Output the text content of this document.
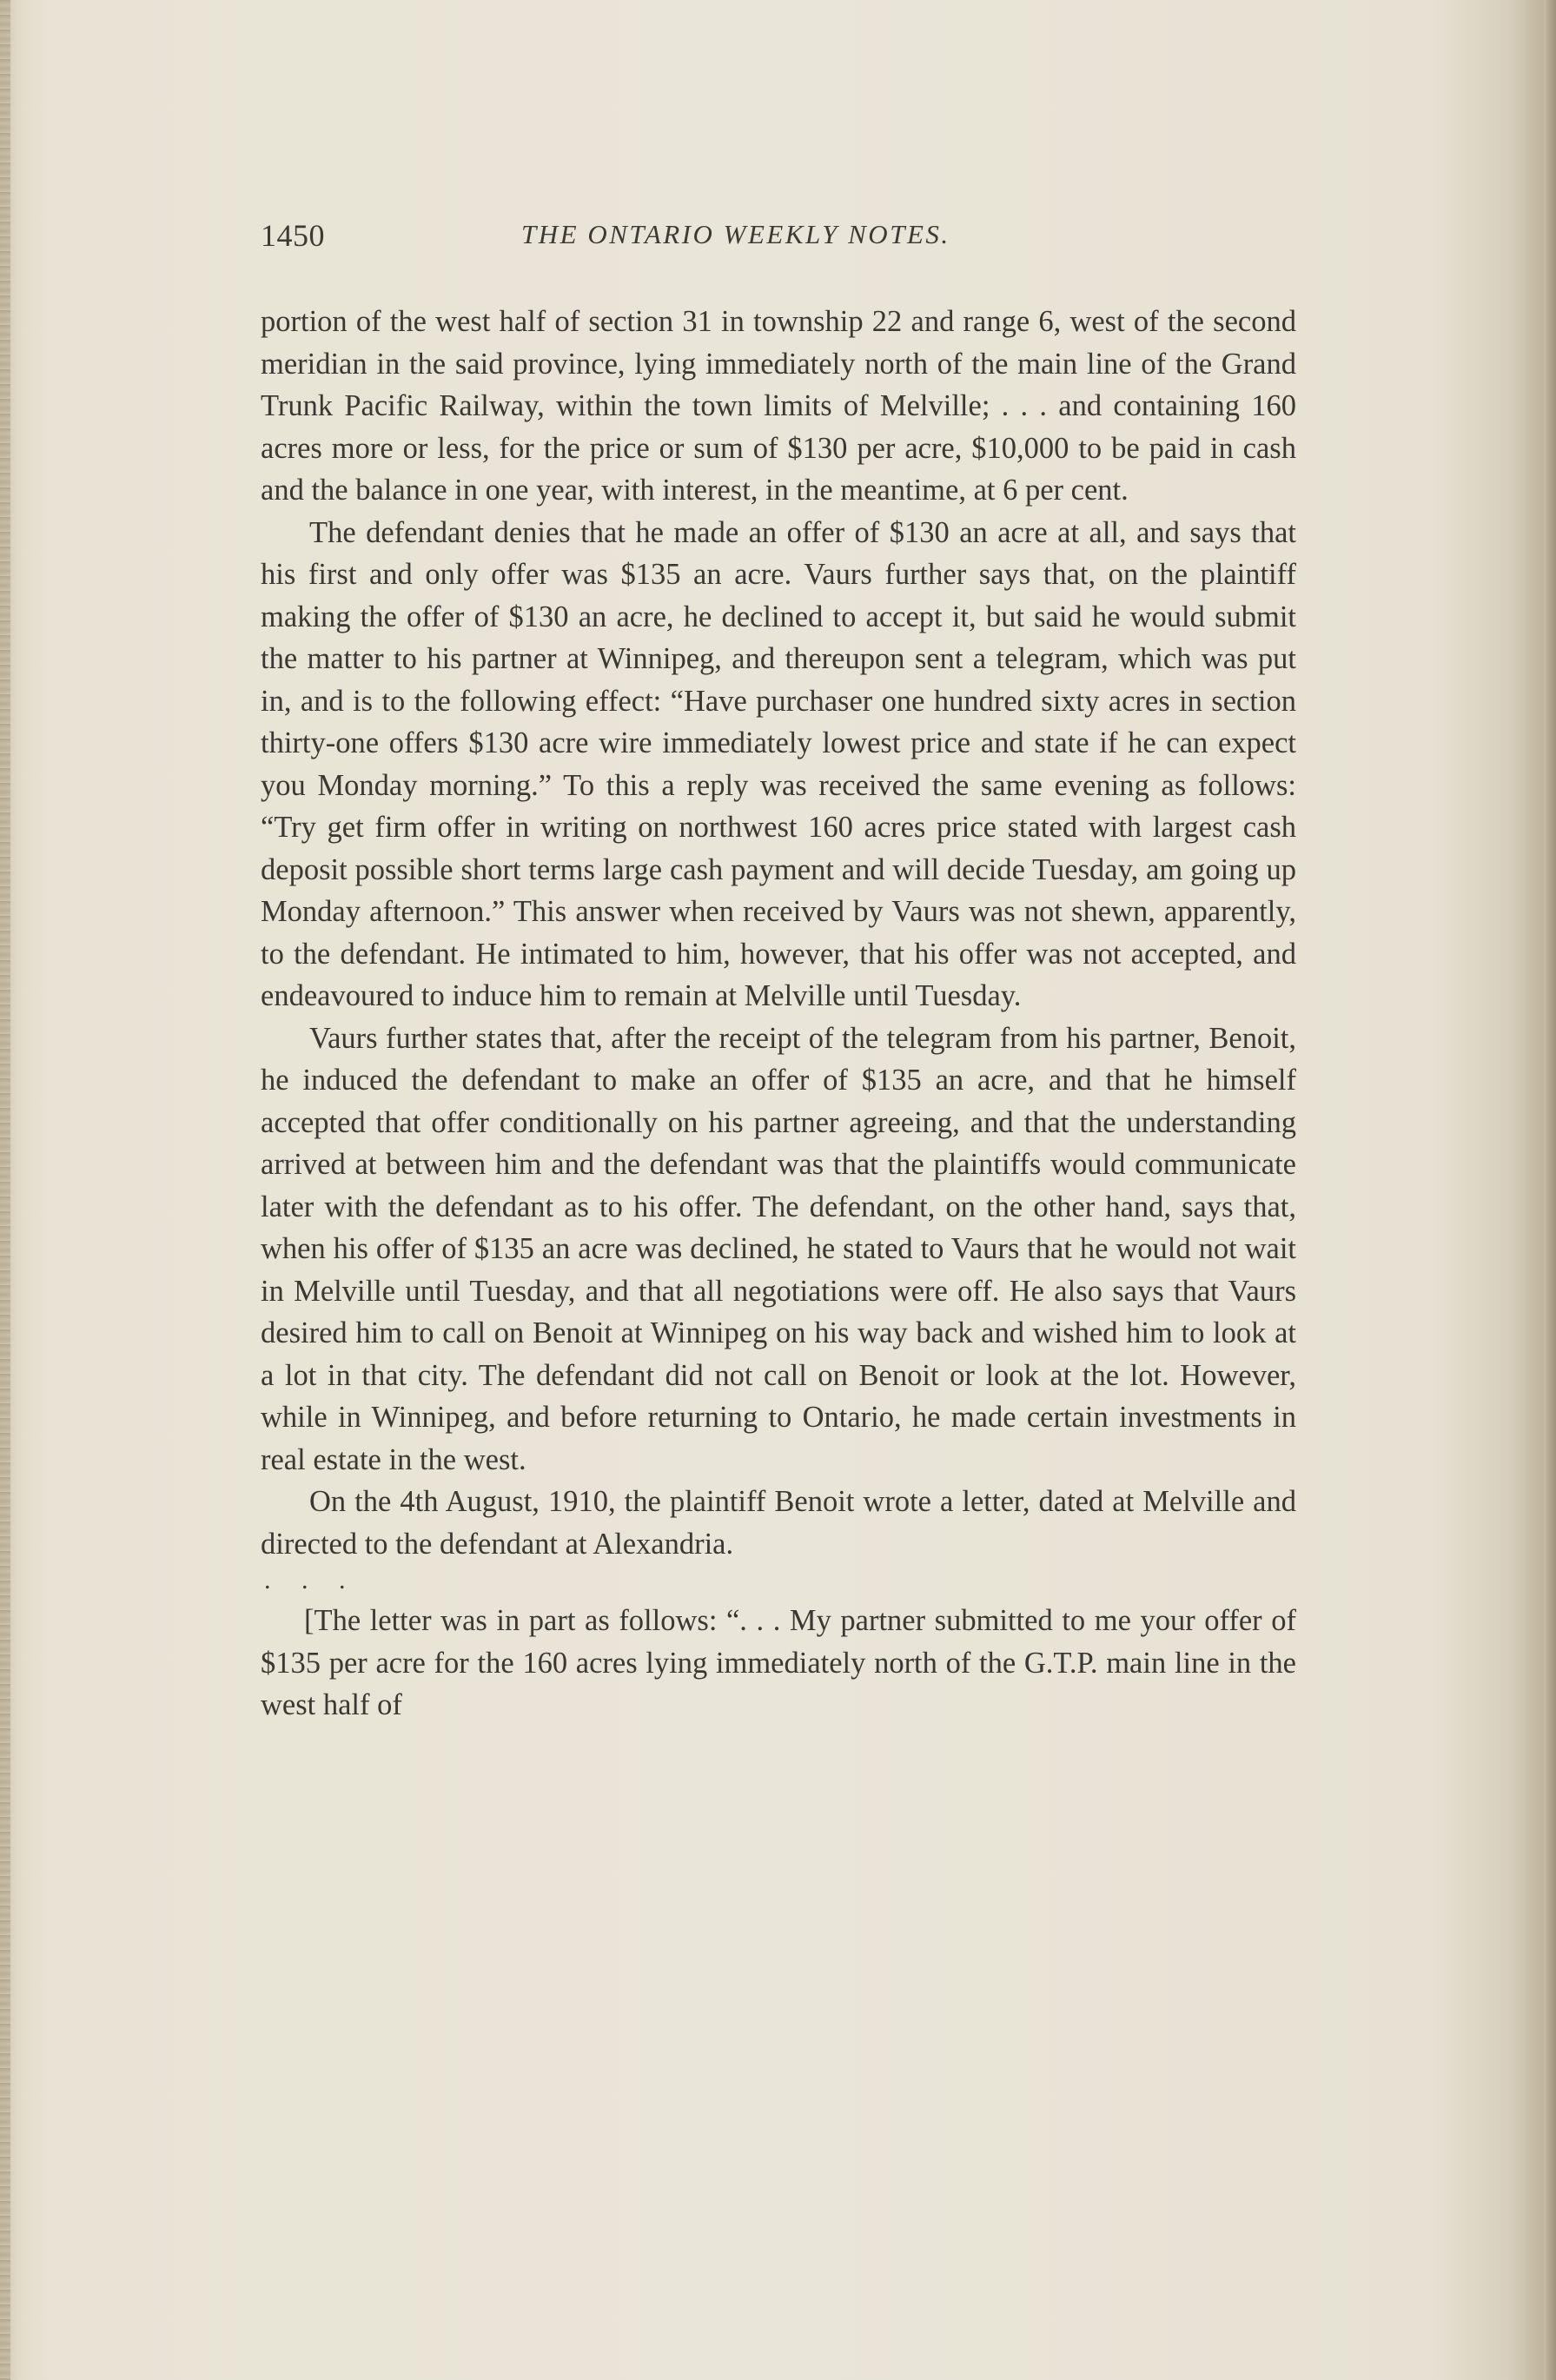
1450	THE ONTARIO WEEKLY NOTES.

portion of the west half of section 31 in township 22 and range 6, west of the second meridian in the said province, lying immediately north of the main line of the Grand Trunk Pacific Railway, within the town limits of Melville; . . . and containing 160 acres more or less, for the price or sum of $130 per acre, $10,000 to be paid in cash and the balance in one year, with interest, in the meantime, at 6 per cent.

The defendant denies that he made an offer of $130 an acre at all, and says that his first and only offer was $135 an acre. Vaurs further says that, on the plaintiff making the offer of $130 an acre, he declined to accept it, but said he would submit the matter to his partner at Winnipeg, and thereupon sent a telegram, which was put in, and is to the following effect: “Have purchaser one hundred sixty acres in section thirty-one offers $130 acre wire immediately lowest price and state if he can expect you Monday morning.” To this a reply was received the same evening as follows: “Try get firm offer in writing on northwest 160 acres price stated with largest cash deposit possible short terms large cash payment and will decide Tuesday, am going up Monday afternoon.” This answer when received by Vaurs was not shewn, apparently, to the defendant. He intimated to him, however, that his offer was not accepted, and endeavoured to induce him to remain at Melville until Tuesday.

Vaurs further states that, after the receipt of the telegram from his partner, Benoit, he induced the defendant to make an offer of $135 an acre, and that he himself accepted that offer conditionally on his partner agreeing, and that the understanding arrived at between him and the defendant was that the plaintiffs would communicate later with the defendant as to his offer. The defendant, on the other hand, says that, when his offer of $135 an acre was declined, he stated to Vaurs that he would not wait in Melville until Tuesday, and that all negotiations were off. He also says that Vaurs desired him to call on Benoit at Winnipeg on his way back and wished him to look at a lot in that city. The defendant did not call on Benoit or look at the lot. However, while in Winnipeg, and before returning to Ontario, he made certain investments in real estate in the west.

On the 4th August, 1910, the plaintiff Benoit wrote a letter, dated at Melville and directed to the defendant at Alexandria.

. . .

[The letter was in part as follows: “. . . My partner submitted to me your offer of $135 per acre for the 160 acres lying immediately north of the G.T.P. main line in the west half of
